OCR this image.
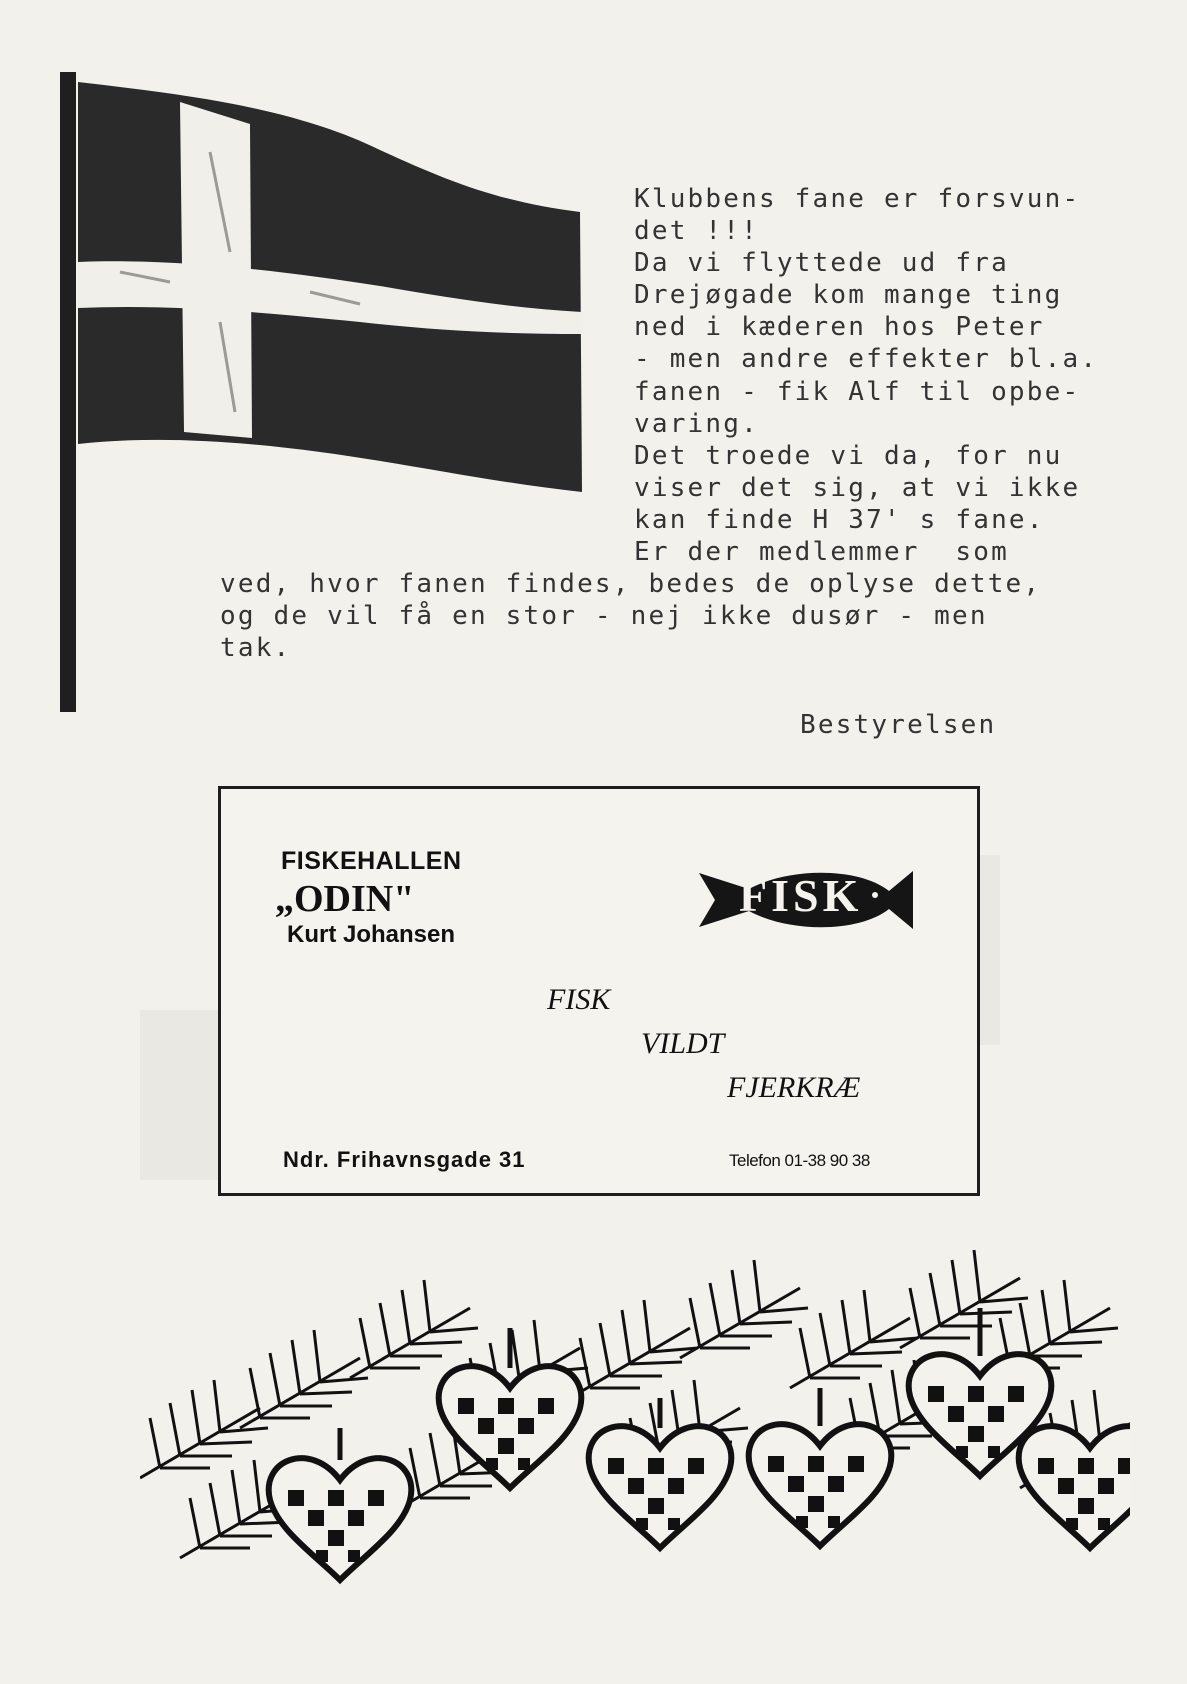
Klubbens fane er forsvun-
det !!!
Da vi flyttede ud fra
Drejøgade kom mange ting
ned i kæderen hos Peter
- men andre effekter bl.a.
fanen - fik Alf til opbe-
varing.
Det troede vi da, for nu
viser det sig, at vi ikke
kan finde H 37' s fane.
Er der medlemmer  som
ved, hvor fanen findes, bedes de oplyse dette,
og de vil få en stor - nej ikke dusør - men
tak.
Bestyrelsen
FISKEHALLEN
„ODIN"
Kurt Johansen
FISK
FISK
VILDT
FJERKRÆ
Ndr. Frihavnsgade 31	Telefon 01-38 90 38
